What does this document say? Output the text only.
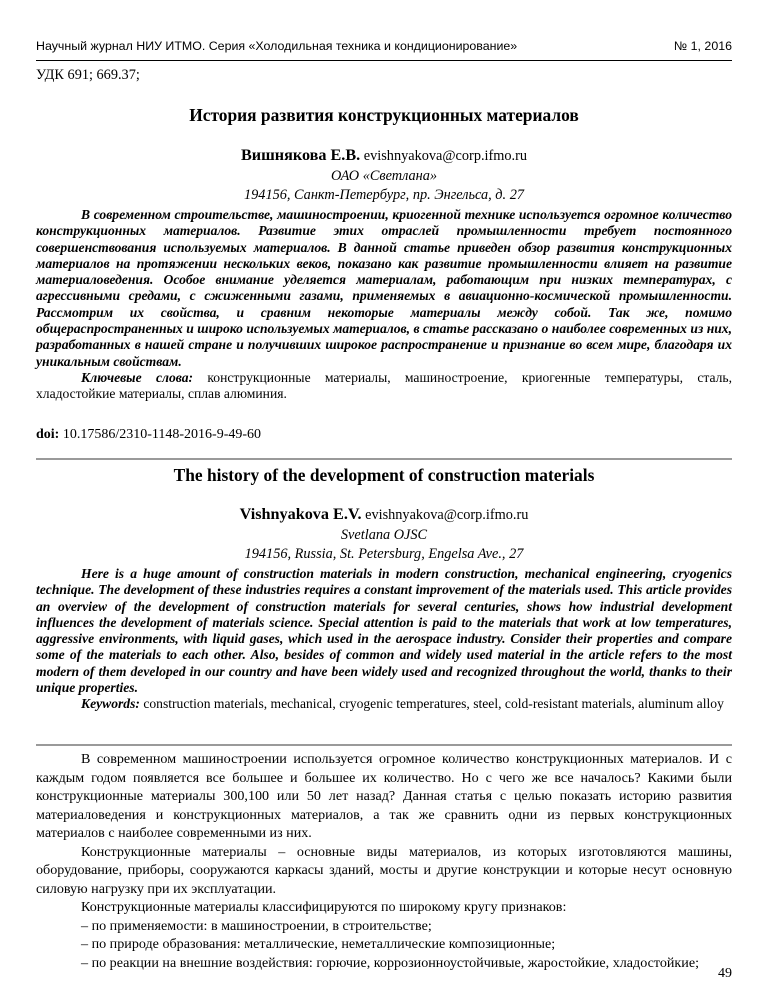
Научный журнал НИУ ИТМО. Серия «Холодильная техника и кондиционирование»	№ 1, 2016
УДК 691; 669.37;
История развития конструкционных материалов
Вишнякова Е.В. evishnyakova@corp.ifmo.ru
ОАО «Светлана»
194156, Санкт-Петербург, пр. Энгельса, д. 27

В современном строительстве, машиностроении, криогенной технике используется огромное количество конструкционных материалов. Развитие этих отраслей промышленности требует постоянного совершенствования используемых материалов. В данной статье приведен обзор развития конструкционных материалов на протяжении нескольких веков, показано как развитие промышленности влияет на развитие материаловедения. Особое внимание уделяется материалам, работающим при низких температурах, с агрессивными средами, с сжиженными газами, применяемых в авиационно-космической промышленности. Рассмотрим их свойства, и сравним некоторые материалы между собой. Так же, помимо общераспространенных и широко используемых материалов, в статье рассказано о наиболее современных из них, разработанных в нашей стране и получивших широкое распространение и признание во всем мире, благодаря их уникальным свойствам.

Ключевые слова: конструкционные материалы, машиностроение, криогенные температуры, сталь, хладостойкие материалы, сплав алюминия.

doi: 10.17586/2310-1148-2016-9-49-60
The history of the development of construction materials
Vishnyakova E.V. evishnyakova@corp.ifmo.ru
Svetlana OJSC
194156, Russia, St. Petersburg, Engelsa Ave., 27

Here is a huge amount of construction materials in modern construction, mechanical engineering, cryogenics technique. The development of these industries requires a constant improvement of the materials used. This article provides an overview of the development of construction materials for several centuries, shows how industrial development influences the development of materials science. Special attention is paid to the materials that work at low temperatures, aggressive environments, with liquid gases, which used in the aerospace industry. Consider their properties and compare some of the materials to each other. Also, besides of common and widely used material in the article refers to the most modern of them developed in our country and have been widely used and recognized throughout the world, thanks to their unique properties.

Keywords: construction materials, mechanical, cryogenic temperatures, steel, cold-resistant materials, aluminum alloy

В современном машиностроении используется огромное количество конструкционных материалов. И с каждым годом появляется все большее и большее их количество. Но с чего же все началось? Какими были конструкционные материалы 300,100 или 50 лет назад? Данная статья с целью показать историю развития материаловедения и конструкционных материалов, а так же сравнить одни из первых конструкционных материалов с наиболее современными из них.

Конструкционные материалы – основные виды материалов, из которых изготовляются машины, оборудование, приборы, сооружаются каркасы зданий, мосты и другие конструкции и которые несут основную силовую нагрузку при их эксплуатации.

Конструкционные материалы классифицируются по широкому кругу признаков:

– по применяемости: в машиностроении, в строительстве;

– по природе образования: металлические, неметаллические композиционные;

– по реакции на внешние воздействия: горючие, коррозионноустойчивые, жаростойкие, хладостойкие;

49
